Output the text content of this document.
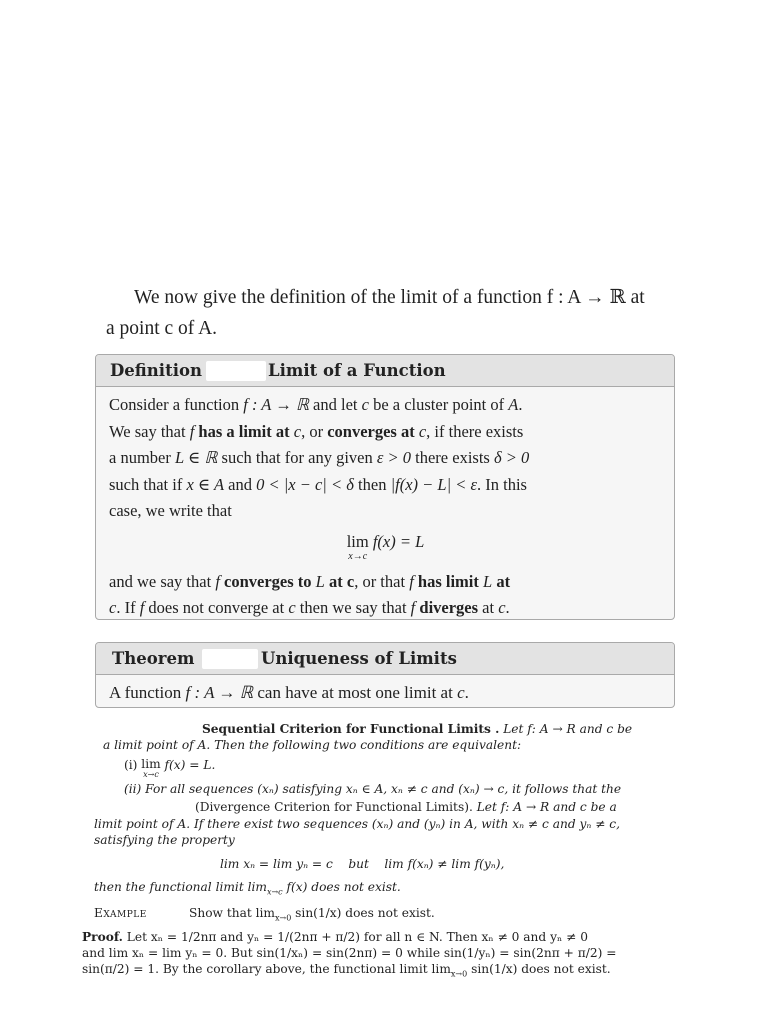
We now give the definition of the limit of a function f : A → ℝ at
a point c of A.
Definition	Limit of a Function
Consider a function f : A → ℝ and let c be a cluster point of A.
We say that f has a limit at c, or converges at c, if there exists
a number L ∈ ℝ such that for any given ε > 0 there exists δ > 0
such that if x ∈ A and 0 < |x − c| < δ then |f(x) − L| < ε. In this
case, we write that
lim
x→c
f(x) = L
and we say that f converges to L at c, or that f has limit L at
c. If f does not converge at c then we say that f diverges at c.
Theorem	Uniqueness of Limits
A function f : A → ℝ can have at most one limit at c.
Sequential Criterion for Functional Limits . Let f: A → R and c be
a limit point of A. Then the following two conditions are equivalent:
(i) lim
x→c
f(x) = L.
(ii) For all sequences (xₙ) satisfying xₙ ∈ A, xₙ ≠ c and (xₙ) → c, it follows that the
(Divergence Criterion for Functional Limits). Let f: A → R and c be a
limit point of A. If there exist two sequences (xₙ) and (yₙ) in A, with xₙ ≠ c and yₙ ≠ c,
satisfying the property
lim xₙ = lim yₙ = c    but    lim f(xₙ) ≠ lim f(yₙ),
then the functional limit $\lim_{x\to c} f(x)$ does not exist.
Example	Show that $\lim_{x\to 0} \sin(1/x)$ does not exist.
Proof. Let xₙ = 1/2nπ and yₙ = 1/(2nπ + π/2) for all n ∈ N. Then xₙ ≠ 0 and yₙ ≠ 0
and lim xₙ = lim yₙ = 0. But sin(1/xₙ) = sin(2nπ) = 0 while sin(1/yₙ) = sin(2nπ + π/2) =
sin(π/2) = 1. By the corollary above, the functional limit $\lim_{x\to 0} \sin(1/x)$ does not exist.
